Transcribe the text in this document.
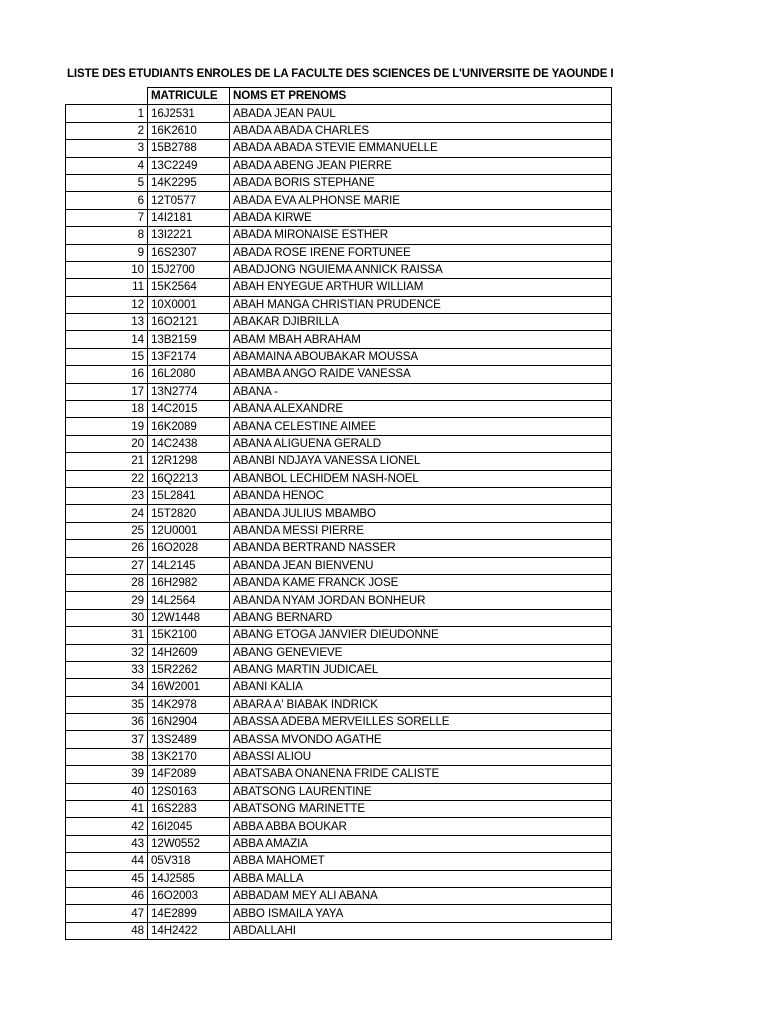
LISTE DES ETUDIANTS ENROLES DE LA FACULTE DES SCIENCES DE L'UNIVERSITE DE YAOUNDE I
	MATRICULE	NOMS ET PRENOMS
1	16J2531	ABADA JEAN PAUL
2	16K2610	ABADA ABADA CHARLES
3	15B2788	ABADA ABADA STEVIE EMMANUELLE
4	13C2249	ABADA ABENG JEAN PIERRE
5	14K2295	ABADA BORIS STEPHANE
6	12T0577	ABADA EVA ALPHONSE MARIE
7	14I2181	ABADA KIRWE
8	13I2221	ABADA MIRONAISE ESTHER
9	16S2307	ABADA ROSE IRENE FORTUNEE
10	15J2700	ABADJONG NGUIEMA ANNICK RAISSA
11	15K2564	ABAH ENYEGUE ARTHUR WILLIAM
12	10X0001	ABAH MANGA CHRISTIAN PRUDENCE
13	16O2121	ABAKAR DJIBRILLA
14	13B2159	ABAM MBAH ABRAHAM
15	13F2174	ABAMAINA ABOUBAKAR MOUSSA
16	16L2080	ABAMBA ANGO RAIDE VANESSA
17	13N2774	ABANA -
18	14C2015	ABANA ALEXANDRE
19	16K2089	ABANA CELESTINE AIMEE
20	14C2438	ABANA ALIGUENA GERALD
21	12R1298	ABANBI NDJAYA VANESSA LIONEL
22	16Q2213	ABANBOL LECHIDEM NASH-NOEL
23	15L2841	ABANDA HENOC
24	15T2820	ABANDA JULIUS MBAMBO
25	12U0001	ABANDA MESSI PIERRE
26	16O2028	ABANDA BERTRAND NASSER
27	14L2145	ABANDA JEAN BIENVENU
28	16H2982	ABANDA KAME FRANCK JOSE
29	14L2564	ABANDA NYAM JORDAN BONHEUR
30	12W1448	ABANG BERNARD
31	15K2100	ABANG ETOGA JANVIER DIEUDONNE
32	14H2609	ABANG GENEVIEVE
33	15R2262	ABANG MARTIN JUDICAEL
34	16W2001	ABANI KALIA
35	14K2978	ABARA A' BIABAK INDRICK
36	16N2904	ABASSA ADEBA MERVEILLES SORELLE
37	13S2489	ABASSA MVONDO AGATHE
38	13K2170	ABASSI ALIOU
39	14F2089	ABATSABA ONANENA FRIDE CALISTE
40	12S0163	ABATSONG LAURENTINE
41	16S2283	ABATSONG MARINETTE
42	16I2045	ABBA ABBA BOUKAR
43	12W0552	ABBA AMAZIA
44	05V318	ABBA MAHOMET
45	14J2585	ABBA MALLA
46	16O2003	ABBADAM MEY ALI ABANA
47	14E2899	ABBO ISMAILA YAYA
48	14H2422	ABDALLAHI
